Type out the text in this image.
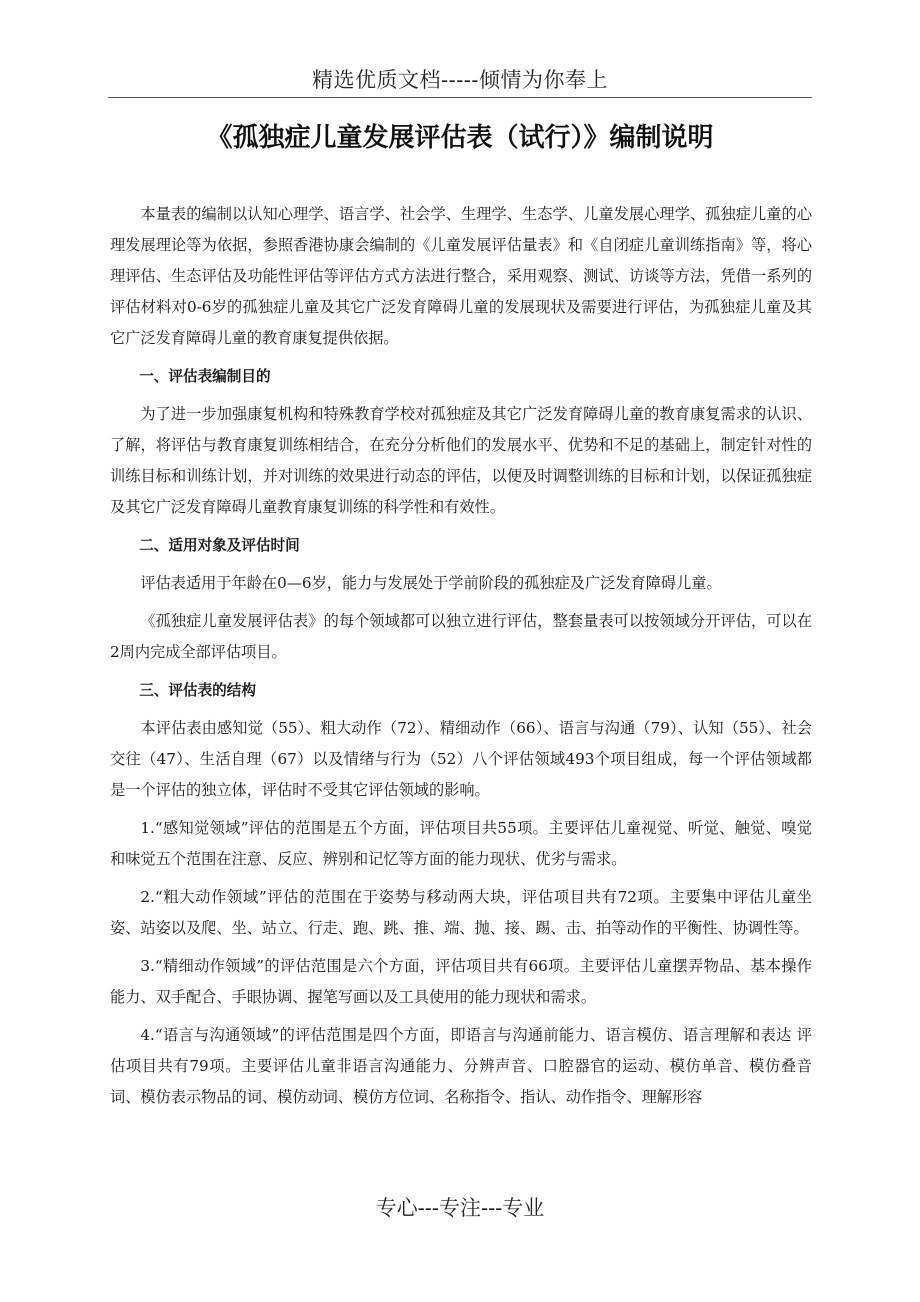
精选优质文档-----倾情为你奉上
《孤独症儿童发展评估表（试行）》编制说明

本量表的编制以认知心理学、语言学、社会学、生理学、生态学、儿童发展心理学、孤独症儿童的心理发展理论等为依据，参照香港协康会编制的《儿童发展评估量表》和《自闭症儿童训练指南》等，将心理评估、生态评估及功能性评估等评估方式方法进行整合，采用观察、测试、访谈等方法，凭借一系列的评估材料对0-6岁的孤独症儿童及其它广泛发育障碍儿童的发展现状及需要进行评估，为孤独症儿童及其它广泛发育障碍儿童的教育康复提供依据。

一、评估表编制目的

为了进一步加强康复机构和特殊教育学校对孤独症及其它广泛发育障碍儿童的教育康复需求的认识、了解，将评估与教育康复训练相结合，在充分分析他们的发展水平、优势和不足的基础上，制定针对性的训练目标和训练计划，并对训练的效果进行动态的评估，以便及时调整训练的目标和计划，以保证孤独症及其它广泛发育障碍儿童教育康复训练的科学性和有效性。

二、适用对象及评估时间

评估表适用于年龄在0—6岁，能力与发展处于学前阶段的孤独症及广泛发育障碍儿童。

《孤独症儿童发展评估表》的每个领域都可以独立进行评估，整套量表可以按领域分开评估，可以在2周内完成全部评估项目。

三、评估表的结构

本评估表由感知觉（55）、粗大动作（72）、精细动作（66）、语言与沟通（79）、认知（55）、社会交往（47）、生活自理（67）以及情绪与行为（52）八个评估领域493个项目组成，每一个评估领域都是一个评估的独立体，评估时不受其它评估领域的影响。

1.“感知觉领域”评估的范围是五个方面，评估项目共55项。主要评估儿童视觉、听觉、触觉、嗅觉和味觉五个范围在注意、反应、辨别和记忆等方面的能力现状、优劣与需求。

2.“粗大动作领域”评估的范围在于姿势与移动两大块，评估项目共有72项。主要集中评估儿童坐姿、站姿以及爬、坐、站立、行走、跑、跳、推、端、抛、接、踢、击、拍等动作的平衡性、协调性等。

3.“精细动作领域”的评估范围是六个方面，评估项目共有66项。主要评估儿童摆弄物品、基本操作能力、双手配合、手眼协调、握笔写画以及工具使用的能力现状和需求。

4.“语言与沟通领域”的评估范围是四个方面，即语言与沟通前能力、语言模仿、语言理解和表达 评估项目共有79项。主要评估儿童非语言沟通能力、分辨声音、口腔器官的运动、模仿单音、模仿叠音词、模仿表示物品的词、模仿动词、模仿方位词、名称指令、指认、动作指令、理解形容

专心---专注---专业
